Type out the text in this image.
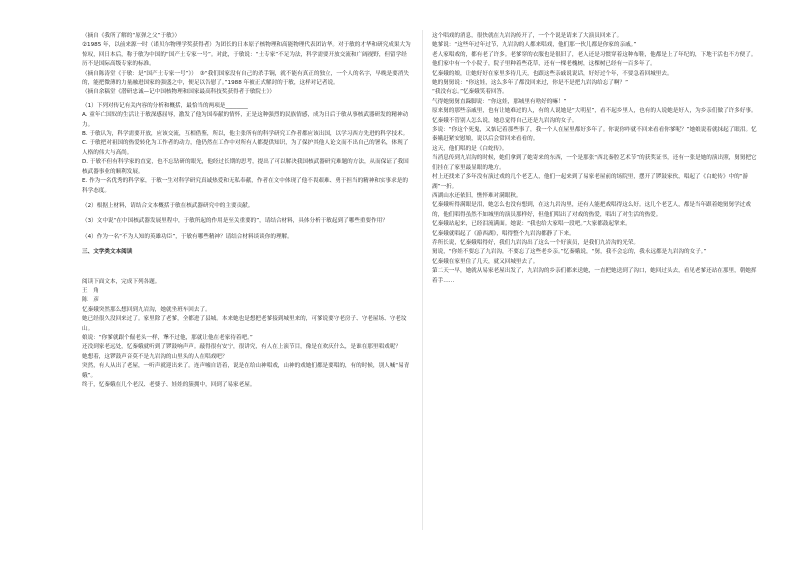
（摘自《我所了解的“原弹之父”于敏》）

②1985 年，以前来源一时（诺贝尔物理学奖获得者）为团长的日本原子核物理和高能物理代表团访华。对于敏的才华和研究成果大为惊叹，回日本后，称于敏为中国的“国产土专家一号”。对此，于敏说：“土专家”不足为法，科学需要开放交流和广阔视野，但留学经历不是国际高级专家的标准。

（摘自陈涛堂《于敏：是“国产土专家一号”》）　③“我们国家没有自己的杀手锏，就不能有真正的独立，一个人的名字，早晚是要消失的，能把微薄的力量融进国家的强盛之中，便足以告慰了。”1988 年被正式解封的于敏，这样对记者说。

（摘自余稿堂《潜研忠诚—记中国核物理和国家最高科技奖获得者于敏院士》）

（1）下列对传记有关内容的分析和概括，最恰当的两项是________

A. 童年亡国奴的生活让于敏深感屈辱，激发了他为国奉献的情怀，正是这种强烈的民族情感，成为日后于敏从事核武器研发的精神动力。

B. 于敏认为，科学需要开放，应该交流，互相借鉴，所以，他主张所有的科学研究工作者都应该出国，以学习西方先进的科学技术。

C. 于敏把对祖国的热爱转化为工作者的动力，他仍然在工作中对所有人都提供知识，为了保护其他人论文而不出自己的署名，体现了人格的伟大与高尚。

D. 于敏不但有科学家的直觉，也不忘钻研的眼光，他经过长期的思考，提出了可以解决我国核武器研究难题的方法，从而保证了我国核武器事业的顺利发展。

E. 作为一名优秀的科学家，于敏一生对科学研究真诚热爱和无私奉献，作者在文中体现了他不畏艰难、勇于担当的精神和实事求是的科学态度。

（2）根据上材料，请结合文本概括于敏在核武器研究中的主要贡献。

（3）文中说“在中国核武器发展里程中，于敏所起的作用是至关重要的”，请结合材料，具体分析于敏起到了哪些重要作用？

（4）作为一名“不为人知的英雄功臣”，于敏有哪些精神？请结合材料谈谈你的理解。

三、文学类文本阅读

阅读下面文本，完成下列各题。

王　角

陈　彦

忆秦娥突然那么想回到九岩沟，她就坐班车回去了。

她已经很久没回来过了。家里除了老爹，全都进了县城。本来她也是想把老爹接到城里来的，可爹说要守老房子、守老屋场、守老坟山。

娘说：“你爹就跟个倔老头一样，犟不过他，那就让他在老家待着吧。”

还没到家老远处，忆秦娥就听到了锣鼓响声声。敲得很有安宁，很讲究，有人在上演节目，像是在欢庆什么，是谁在那里唱戏呢？

她想着，这锣鼓声音莫不是九岩沟的山里头的人在唱戏吧？

突然，有人从出了老屋，一听声就迎出来了。连声嘘自语着，说是在给山神唱戏，山神的戏她们都是要唱的，有的时候，别人喊“易青娥”。

终于，忆秦娥在几个老汉、老婆子、娃娃的簇拥中，回到了易家老屋。

这个唱戏的消息，很快就在九岩沟传开了，一个个说是请来了大演员回来了。

她爹说：“这些年过年过节，九岩沟的人都来唱戏，他们那一伙儿都是你家的亲戚。”

老人家唱戏的，都有老了许多。老爹穿的衣服也是很旧了，老人还是习惯穿着这种布鞋，他都是上了年纪的，下地干活也不方便了。他们家中有一个小院子，院子里种着些花草，还有一棵老槐树，这棵树已经有一百多年了。

忆秦娥的娘，让她好好在家里多待几天，也跟这些亲戚说说话，好好过个年，不要急着回城里去。

她的舅舅说：“你这娃，这么多年了都没回来过，你是不是把九岩沟给忘了啊？”

“我没有忘。”忆秦娥笑着回答。

气得她舅舅直跺脚说：“你这娃，那城里有啥好的嘛！”

原来舅的那些亲戚里，也有让她难过的人，有的人说她是“大明星”，看不起乡里人，也有的人说她是好人，为乡亲们做了许多好事。忆秦娥不管别人怎么说，她总觉得自己还是九岩沟的女子。

多说：“你这个死鬼，又惦记着那些事了，我一个人在屋里都好多年了。你说你咋就不回来看看你爹呢？”她娘说着就抹起了眼泪。忆秦娥赶紧安慰娘，说以后会常回来看看的。

这天，他们唱的是《白蛇传》。

当消息传到九岩沟的时候，她们拿到了她寄来的东西，一个是那张“西北秦腔艺术节”的获奖证书，还有一张是她的演出照，舅舅把它们挂在了家里最显眼的地方。

村上还找来了多年没有演过戏的几个老艺人，他们一起来到了易家老屋前的场院里，摆开了锣鼓家伙，唱起了《白蛇传》中的“游湖”一折。

西湖山水还依旧，憔悴难对满眼秋。

忆秦娥听得满眼是泪，她怎么也没有想到，在这九岩沟里，还有人能把戏唱得这么好。这几个老艺人，都是当年跟着她舅舅学过戏的，他们唱得虽然不如城里的演员那样好，但他们唱出了对戏的热爱，唱出了对生活的热爱。

忆秦娥站起来，已经泪流满面。她说：“我也给大家唱一段吧。”大家都鼓起掌来。

忆秦娥就唱起了《游西湖》，唱得整个九岩沟都静了下来。

乔所长说，忆秦娥唱得好，我们九岩沟出了这么一个好演员，是我们九岩沟的光荣。

舅说，“你娃不要忘了九岩沟，不要忘了这些老乡亲。”忆秦娥说，“舅，我不会忘的，我永远都是九岩沟的女子。”

忆秦娥在家里住了几天，就又回城里去了。

第二天一早，她就从易家老屋出发了，九岩沟的乡亲们都来送她，一直把她送到了沟口，她回过头去，看见老爹还站在那里，朝她挥着手……
